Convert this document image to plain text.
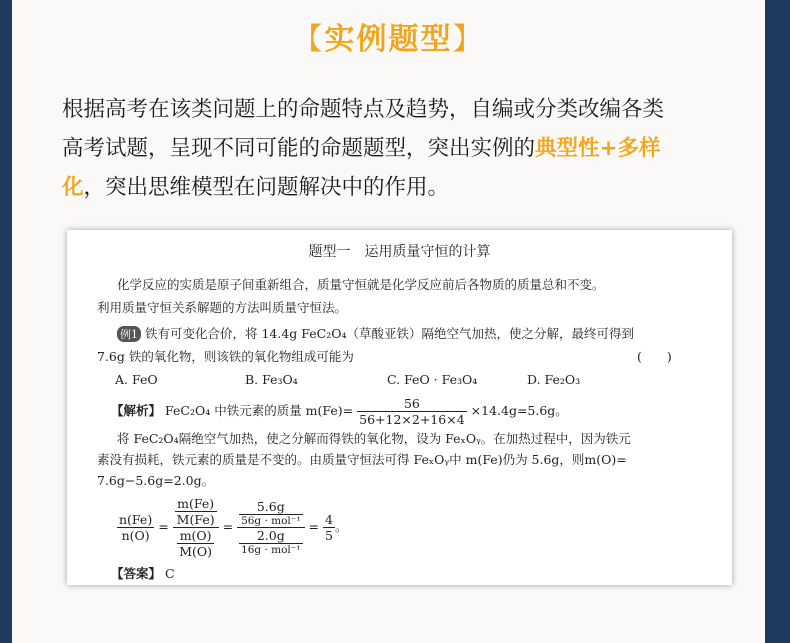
【实例题型】
根据高考在该类问题上的命题特点及趋势，自编或分类改编各类
高考试题，呈现不同可能的命题题型，突出实例的典型性+多样
化，突出思维模型在问题解决中的作用。
题型一　运用质量守恒的计算
化学反应的实质是原子间重新组合，质量守恒就是化学反应前后各物质的质量总和不变。
利用质量守恒关系解题的方法叫质量守恒法。
例1 铁有可变化合价，将 14.4g FeC₂O₄（草酸亚铁）隔绝空气加热，使之分解，最终可得到
7.6g 铁的氧化物，则该铁的氧化物组成可能为	(　　)
A. FeO	B. Fe₃O₄	C. FeO · Fe₃O₄	D. Fe₂O₃
【解析】 FeC₂O₄ 中铁元素的质量 $m(Fe)= \frac{56}{56+12\times 2+16\times 4} \times 14.4g=5.6g$。
将 FeC₂O₄隔绝空气加热，使之分解而得铁的氧化物，设为 FeₓOᵧ。在加热过程中，因为铁元
素没有损耗，铁元素的质量是不变的。由质量守恒法可得 FeₓOᵧ中 m(Fe)仍为 5.6g，则m(O)=
7.6g−5.6g=2.0g。
$\frac{n(Fe)}{n(O)} = \frac{\frac{m(Fe)}{M(Fe)}}{\frac{m(O)}{M(O)}} = \frac{\frac{5.6g}{\text{56g · mol⁻¹}}}{\frac{2.0g}{\text{16g · mol⁻¹}}} = \frac{4}{5}$ 。
【答案】 C
